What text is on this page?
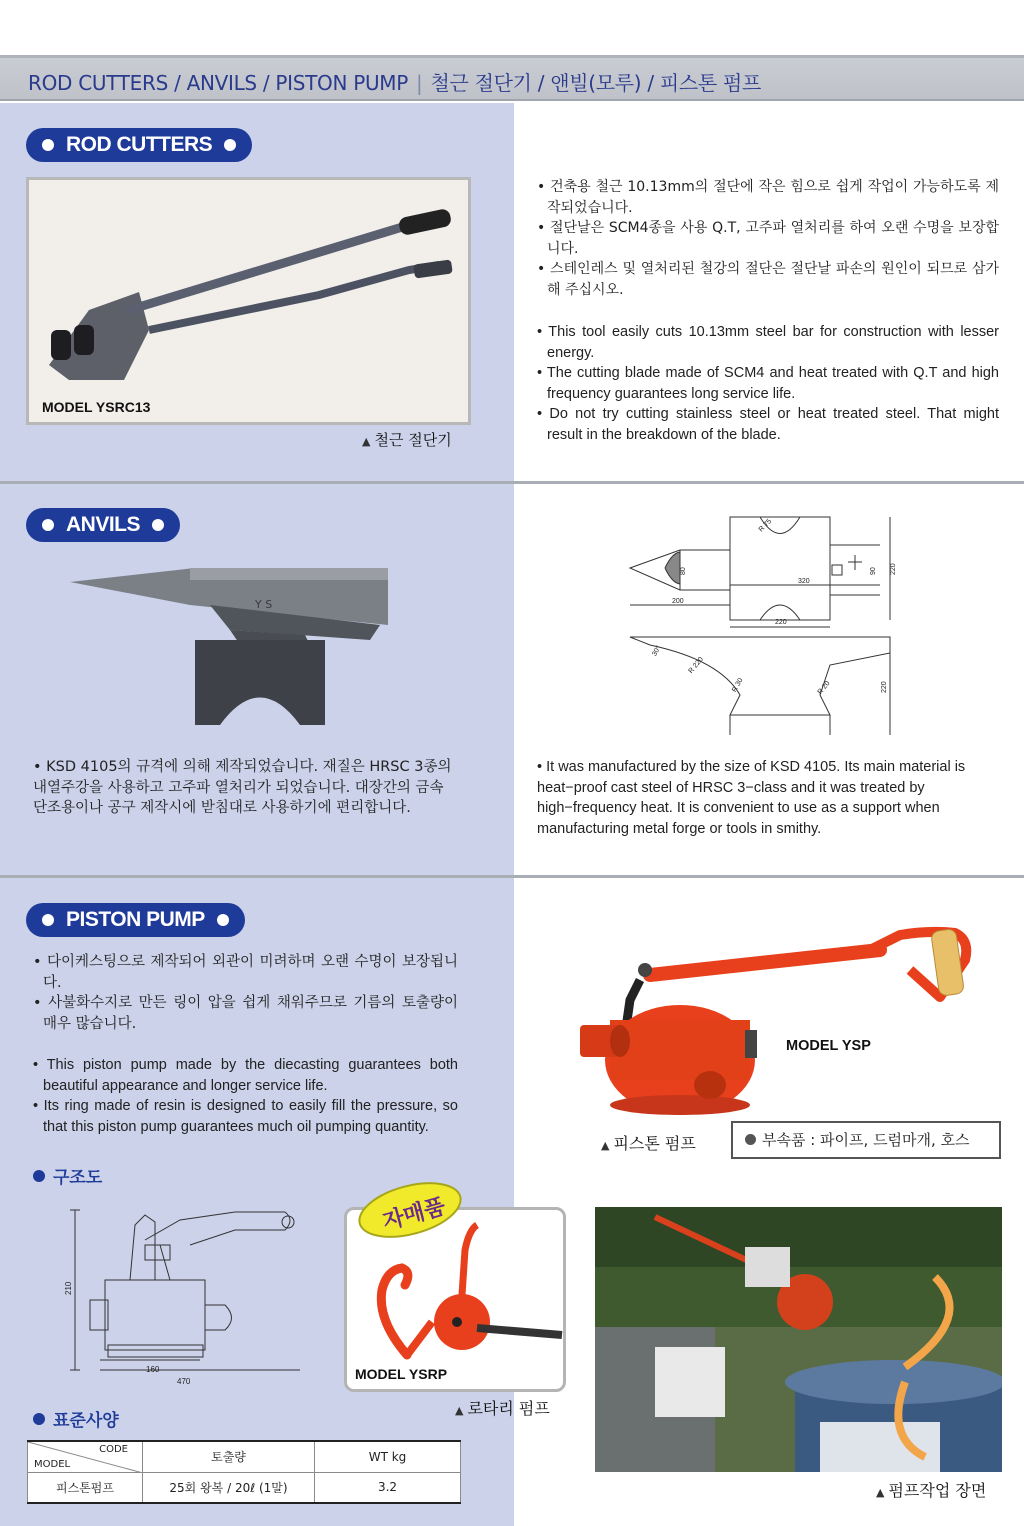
ROD CUTTERS / ANVILS / PISTON PUMP | 철근 절단기 / 앤빌(모루) / 피스톤 펌프
ROD CUTTERS
MODEL YSRC13
▲ 철근 절단기

• 건축용 철근 10.13mm의 절단에 작은 힘으로 쉽게 작업이 가능하도록 제작되었습니다.

• 절단날은 SCM4종을 사용 Q.T, 고주파 열처리를 하여 오랜 수명을 보장합니다.

• 스테인레스 및 열처리된 철강의 절단은 절단날 파손의 원인이 되므로 삼가해 주십시오.

• This tool easily cuts 10.13mm steel bar for construction with lesser energy.

• The cutting blade made of SCM4 and heat treated with Q.T and high frequency guarantees long service life.

• Do not try cutting stainless steel or heat treated steel. That might result in the breakdown of the blade.

ANVILS
Y S
• KSD 4105의 규격에 의해 제작되었습니다. 재질은 HRSC 3종의 내열주강을 사용하고 고주파 열처리가 되었습니다. 대장간의 금속 단조용이나 공구 제작시에 받침대로 사용하기에 편리합니다.
R 75
320
200
220
90 220
80
30°
R 220
R 30	R 20	220
• It was manufactured by the size of KSD 4105. Its main material is heat−proof cast steel of HRSC 3−class and it was treated by high−frequency heat. It is convenient to use as a support when manufacturing metal forge or tools in smithy.
PISTON PUMP

• 다이케스팅으로 제작되어 외관이 미려하며 오랜 수명이 보장됩니다.

• 사불화수지로 만든 링이 압을 쉽게 채워주므로 기름의 토출량이 매우 많습니다.

• This piston pump made by the diecasting guarantees both beautiful appearance and longer service life.

• Its ring made of resin is designed to easily fill the pressure, so that this piston pump guarantees much oil pumping quantity.

MODEL YSP
▲ 피스톤 펌프	부속품 : 파이프, 드럼마개, 호스
구조도
210
160
470	MODEL YSRP
자매품
▲ 로타리 펌프
▲ 펌프작업 장면
표준사양
CODE
MODEL	토출량	WT kg
피스톤펌프	25회 왕복 / 20ℓ (1말)	3.2
